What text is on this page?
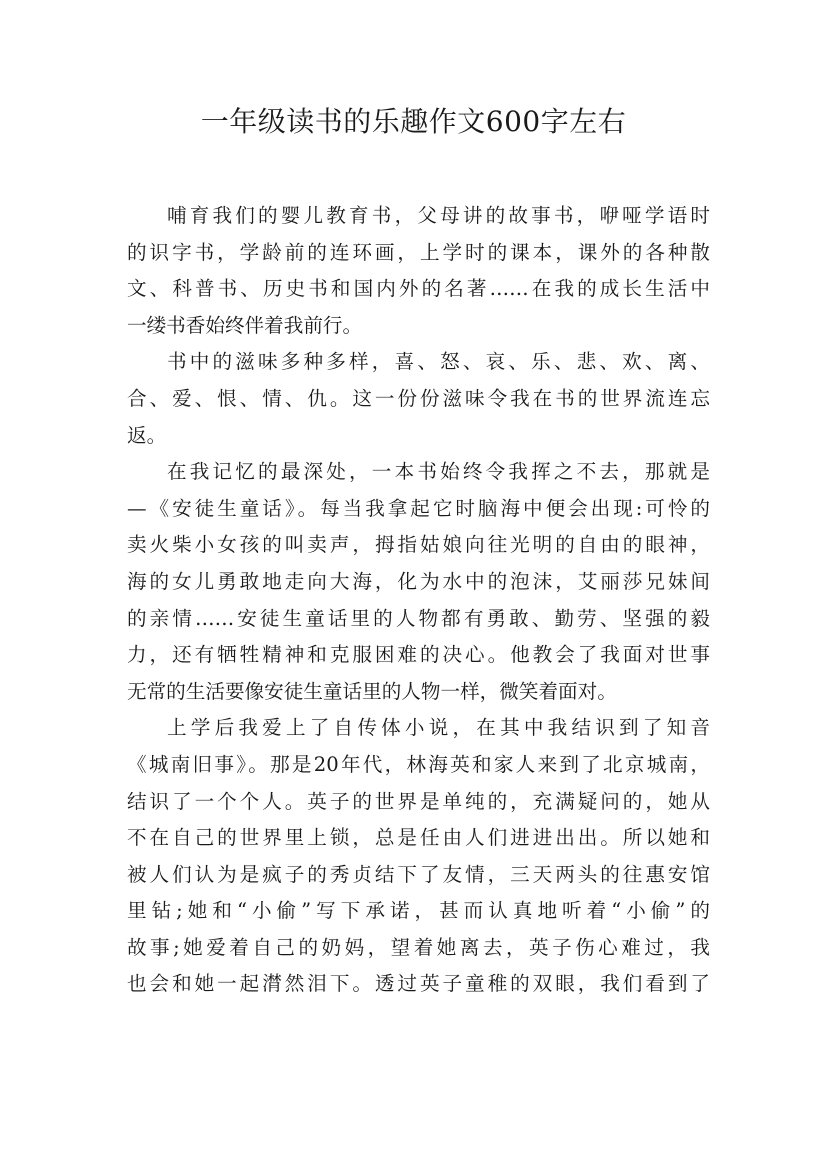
一年级读书的乐趣作文600字左右
哺育我们的婴儿教育书，父母讲的故事书，咿哑学语时
的识字书，学龄前的连环画，上学时的课本，课外的各种散
文、科普书、历史书和国内外的名著……在我的成长生活中
一缕书香始终伴着我前行。
书中的滋味多种多样，喜、怒、哀、乐、悲、欢、离、
合、爱、恨、情、仇。这一份份滋味令我在书的世界流连忘
返。
在我记忆的最深处，一本书始终令我挥之不去，那就是
—《安徒生童话》。每当我拿起它时脑海中便会出现:可怜的
卖火柴小女孩的叫卖声，拇指姑娘向往光明的自由的眼神，
海的女儿勇敢地走向大海，化为水中的泡沫，艾丽莎兄妹间
的亲情……安徒生童话里的人物都有勇敢、勤劳、坚强的毅
力，还有牺牲精神和克服困难的决心。他教会了我面对世事
无常的生活要像安徒生童话里的人物一样，微笑着面对。
上学后我爱上了自传体小说，在其中我结识到了知音
《城南旧事》。那是20年代，林海英和家人来到了北京城南，
结识了一个个人。英子的世界是单纯的，充满疑问的，她从
不在自己的世界里上锁，总是任由人们进进出出。所以她和
被人们认为是疯子的秀贞结下了友情，三天两头的往惠安馆
里钻;她和“小偷”写下承诺，甚而认真地听着“小偷”的
故事;她爱着自己的奶妈，望着她离去，英子伤心难过，我
也会和她一起潸然泪下。透过英子童稚的双眼，我们看到了
